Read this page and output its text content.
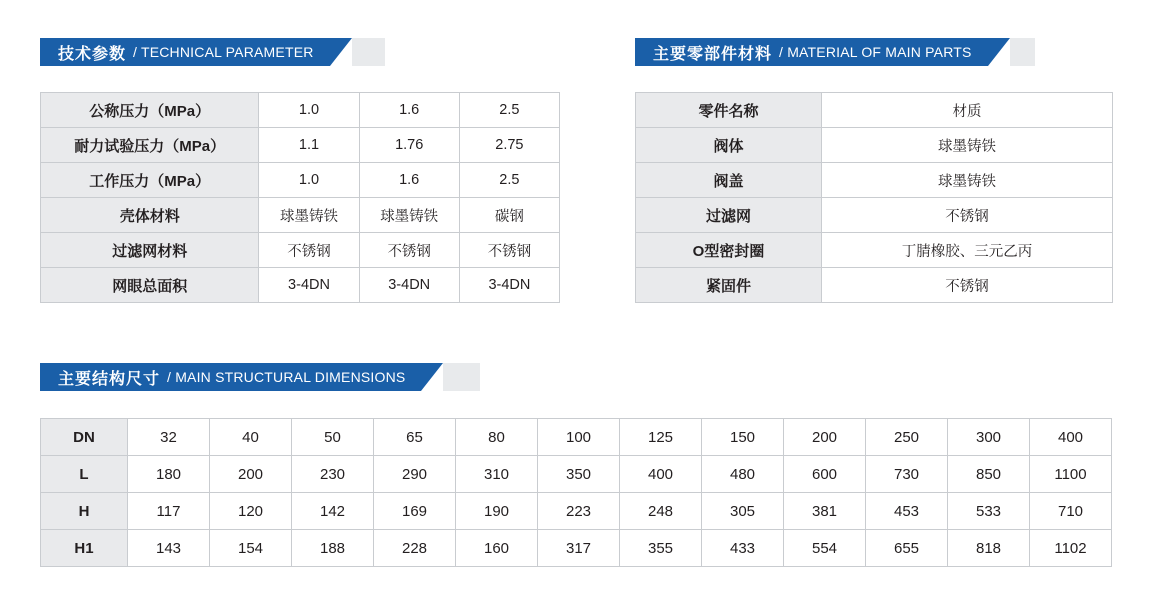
技术参数 / TECHNICAL PARAMETER	主要零部件材料 / MATERIAL OF MAIN PARTS
主要结构尺寸 / MAIN STRUCTURAL DIMENSIONS
公称压力（MPa）	1.0	1.6	2.5
耐力试验压力（MPa）	1.1	1.76	2.75
工作压力（MPa）	1.0	1.6	2.5
壳体材料	球墨铸铁	球墨铸铁	碳钢
过滤网材料	不锈钢	不锈钢	不锈钢
网眼总面积	3-4DN	3-4DN	3-4DN
零件名称	材质
阀体	球墨铸铁
阀盖	球墨铸铁
过滤网	不锈钢
O型密封圈	丁腈橡胶、三元乙丙
紧固件	不锈钢
DN	32	40	50	65	80	100	125	150	200	250	300	400
L	180	200	230	290	310	350	400	480	600	730	850	1100
H	117	120	142	169	190	223	248	305	381	453	533	710
H1	143	154	188	228	160	317	355	433	554	655	818	1102
